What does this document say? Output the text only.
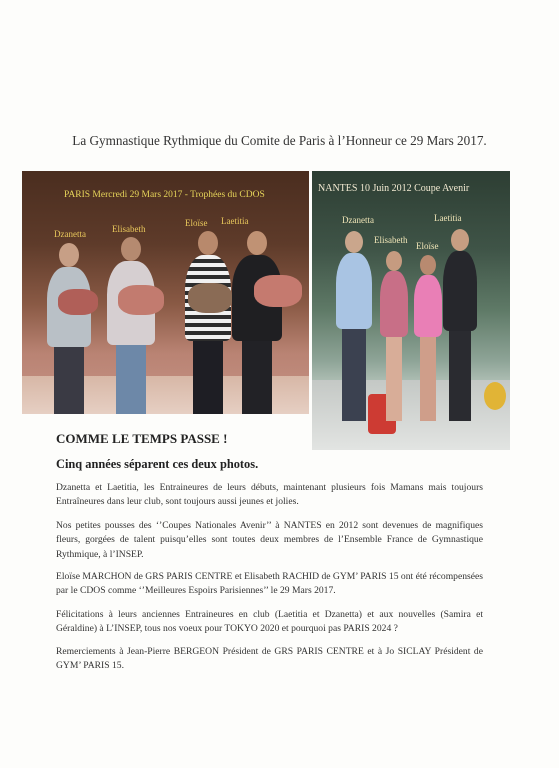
La Gymnastique Rythmique du Comite de Paris à l’Honneur ce 29 Mars 2017.
PARIS Mercredi 29 Mars 2017 - Trophées du CDOS
Dzanetta	Elisabeth
Eloïse Laetitia
NANTES 10 Juin 2012 Coupe Avenir
Dzanetta	Laetitia
Elisabeth
Eloïse
COMME LE TEMPS PASSE !
Cinq années séparent ces deux photos.
Dzanetta et Laetitia, les Entraineures de leurs débuts, maintenant plusieurs fois Mamans mais toujours Entraîneures dans leur club, sont toujours aussi jeunes et jolies.
Nos petites pousses des ‘’Coupes Nationales Avenir’’ à NANTES en 2012 sont devenues de magnifiques fleurs, gorgées de talent puisqu’elles sont toutes deux membres de l’Ensemble France de Gymnastique Rythmique, à l’INSEP.
Eloïse MARCHON de GRS PARIS CENTRE et Elisabeth RACHID de GYM’ PARIS 15 ont été récompensées par le CDOS comme ‘’Meilleures Espoirs Parisiennes’’ le 29 Mars 2017.
Félicitations à leurs anciennes Entraineures en club (Laetitia et Dzanetta) et aux nouvelles (Samira et Géraldine) à L’INSEP, tous nos voeux pour TOKYO 2020 et pourquoi pas PARIS 2024 ?
Remerciements à Jean-Pierre BERGEON Président de GRS PARIS CENTRE et à Jo SICLAY Président de GYM’ PARIS 15.
